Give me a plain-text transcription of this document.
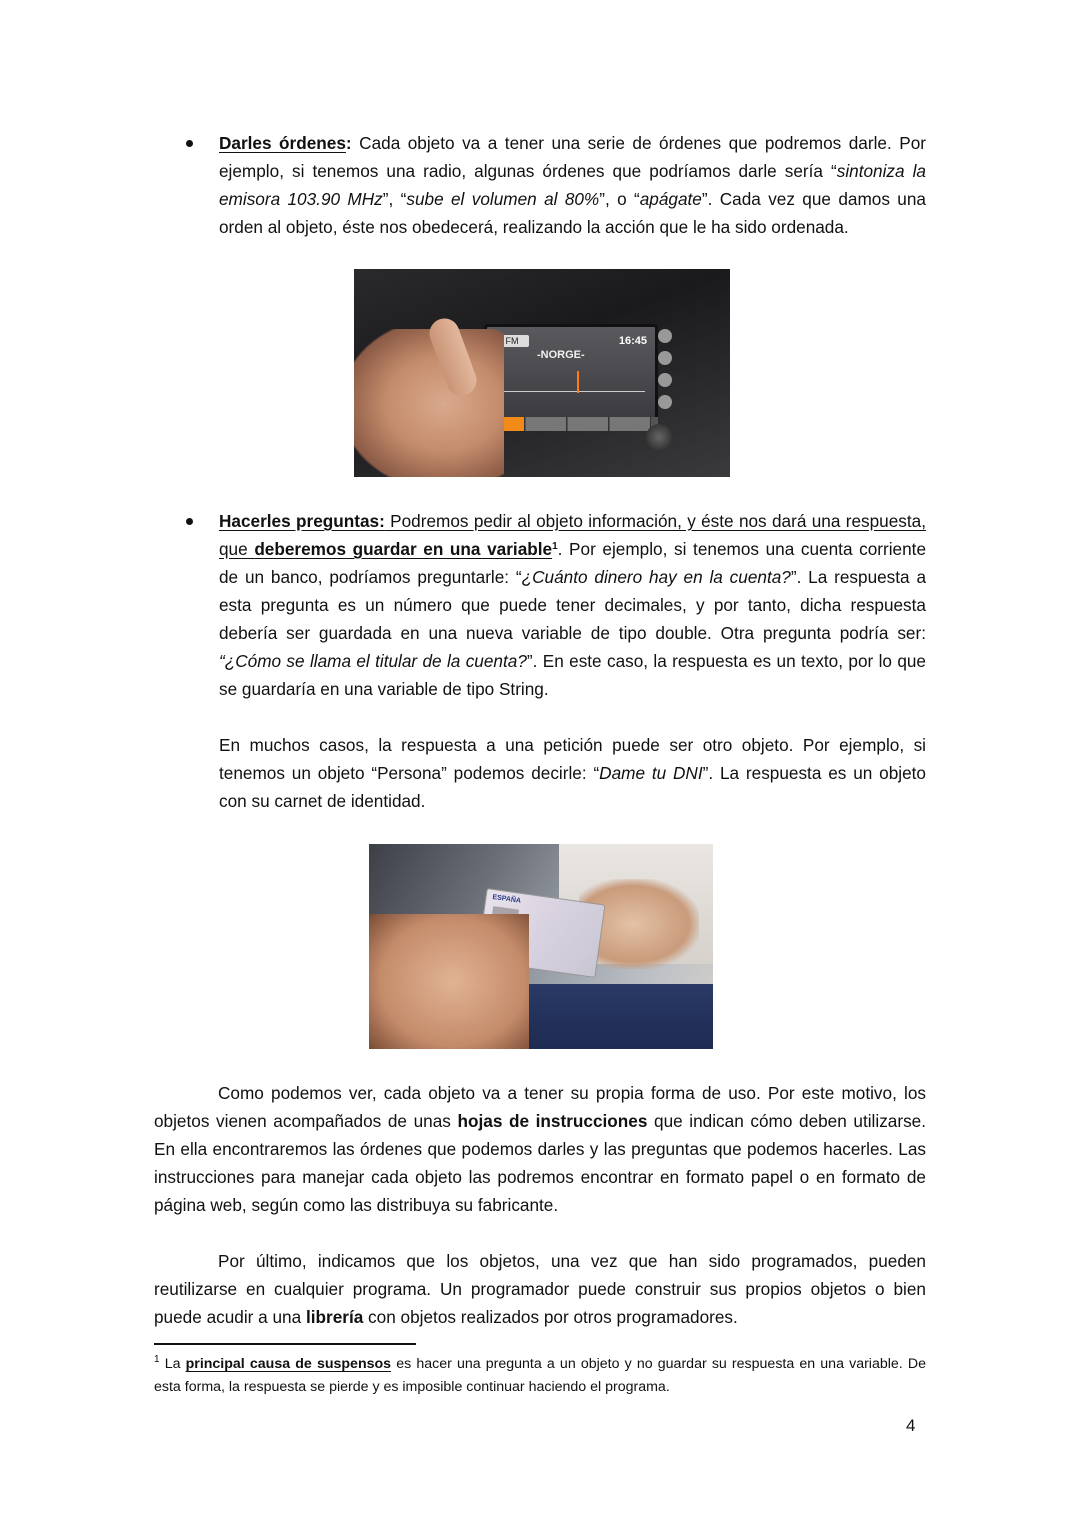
Darles órdenes: Cada objeto va a tener una serie de órdenes que podremos darle. Por ejemplo, si tenemos una radio, algunas órdenes que podríamos darle sería “sintoniza la emisora 103.90 MHz”, “sube el volumen al 80%”, o “apágate”. Cada vez que damos una orden al objeto, éste nos obedecerá, realizando la acción que le ha sido ordenada.

FM
-NORGE-
16:45

Hacerles preguntas: Podremos pedir al objeto información, y éste nos dará una respuesta, que deberemos guardar en una variable$^1$. Por ejemplo, si tenemos una cuenta corriente de un banco, podríamos preguntarle: “¿Cuánto dinero hay en la cuenta?”. La respuesta a esta pregunta es un número que puede tener decimales, y por tanto, dicha respuesta debería ser guardada en una nueva variable de tipo double. Otra pregunta podría ser: “¿Cómo se llama el titular de la cuenta?”. En este caso, la respuesta es un texto, por lo que se guardaría en una variable de tipo String.

En muchos casos, la respuesta a una petición puede ser otro objeto. Por ejemplo, si tenemos un objeto “Persona” podemos decirle: “Dame tu DNI”. La respuesta es un objeto con su carnet de identidad.

ESPAÑA

Como podemos ver, cada objeto va a tener su propia forma de uso. Por este motivo, los objetos vienen acompañados de unas hojas de instrucciones que indican cómo deben utilizarse. En ella encontraremos las órdenes que podemos darles y las preguntas que podemos hacerles. Las instrucciones para manejar cada objeto las podremos encontrar en formato papel o en formato de página web, según como las distribuya su fabricante.

Por último, indicamos que los objetos, una vez que han sido programados, pueden reutilizarse en cualquier programa. Un programador puede construir sus propios objetos o bien puede acudir a una librería con objetos realizados por otros programadores.

$^1$ La principal causa de suspensos es hacer una pregunta a un objeto y no guardar su respuesta en una variable. De esta forma, la respuesta se pierde y es imposible continuar haciendo el programa.
4
